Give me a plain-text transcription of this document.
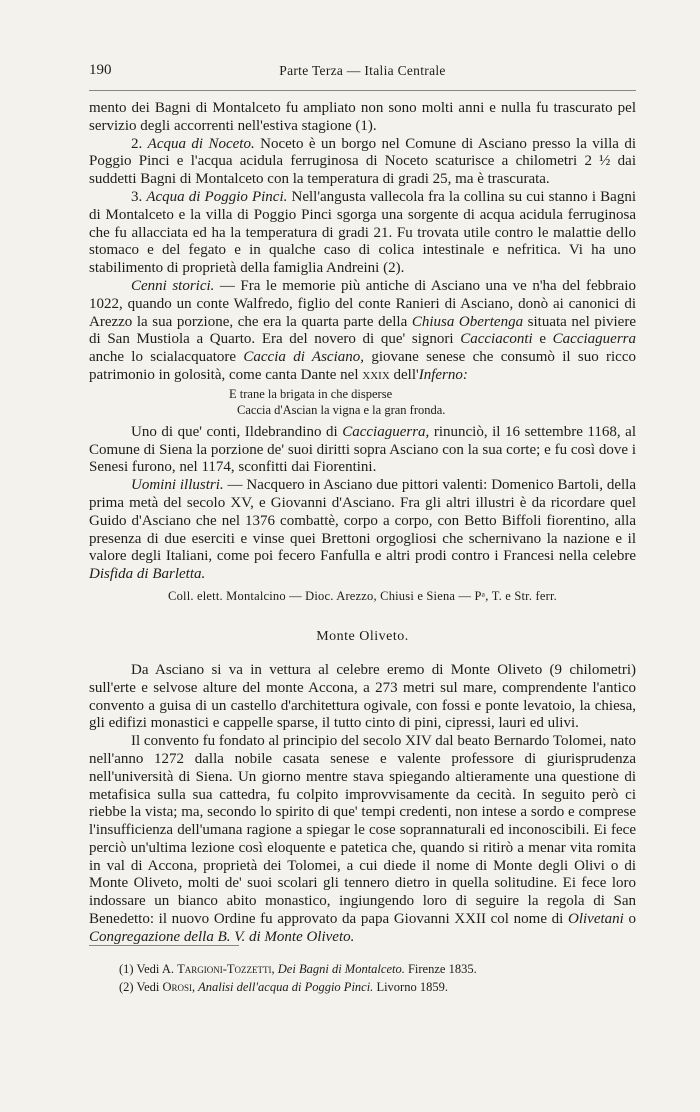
190	Parte Terza — Italia Centrale

mento dei Bagni di Montalceto fu ampliato non sono molti anni e nulla fu trascurato pel servizio degli accorrenti nell'estiva stagione (1).

2. Acqua di Noceto. Noceto è un borgo nel Comune di Asciano presso la villa di Poggio Pinci e l'acqua acidula ferruginosa di Noceto scaturisce a chilometri 2 ½ dai suddetti Bagni di Montalceto con la temperatura di gradi 25, ma è trascurata.

3. Acqua di Poggio Pinci. Nell'angusta vallecola fra la collina su cui stanno i Bagni di Montalceto e la villa di Poggio Pinci sgorga una sorgente di acqua acidula ferruginosa che fu allacciata ed ha la temperatura di gradi 21. Fu trovata utile contro le malattie dello stomaco e del fegato e in qualche caso di colica intestinale e nefritica. Vi ha uno stabilimento di proprietà della famiglia Andreini (2).

Cenni storici. — Fra le memorie più antiche di Asciano una ve n'ha del febbraio 1022, quando un conte Walfredo, figlio del conte Ranieri di Asciano, donò ai canonici di Arezzo la sua porzione, che era la quarta parte della Chiusa Obertenga situata nel piviere di San Mustiola a Quarto. Era del novero di que' signori Cacciaconti e Cacciaguerra anche lo scialacquatore Caccia di Asciano, giovane senese che consumò il suo ricco patrimonio in golosità, come canta Dante nel xxix dell'Inferno:

E trane la brigata in che disperse
Caccia d'Ascian la vigna e la gran fronda.

Uno di que' conti, Ildebrandino di Cacciaguerra, rinunciò, il 16 settembre 1168, al Comune di Siena la porzione de' suoi diritti sopra Asciano con la sua corte; e fu così dove i Senesi furono, nel 1174, sconfitti dai Fiorentini.

Uomini illustri. — Nacquero in Asciano due pittori valenti: Domenico Bartoli, della prima metà del secolo XV, e Giovanni d'Asciano. Fra gli altri illustri è da ricordare quel Guido d'Asciano che nel 1376 combattè, corpo a corpo, con Betto Biffoli fiorentino, alla presenza di due eserciti e vinse quei Brettoni orgogliosi che schernivano la nazione e il valore degli Italiani, come poi fecero Fanfulla e altri prodi contro i Francesi nella celebre Disfida di Barletta.

Coll. elett. Montalcino — Dioc. Arezzo, Chiusi e Siena — Pᵃ, T. e Str. ferr.
Monte Oliveto.

Da Asciano si va in vettura al celebre eremo di Monte Oliveto (9 chilometri) sull'erte e selvose alture del monte Accona, a 273 metri sul mare, comprendente l'antico convento a guisa di un castello d'architettura ogivale, con fossi e ponte levatoio, la chiesa, gli edifizi monastici e cappelle sparse, il tutto cinto di pini, cipressi, lauri ed ulivi.

Il convento fu fondato al principio del secolo XIV dal beato Bernardo Tolomei, nato nell'anno 1272 dalla nobile casata senese e valente professore di giurisprudenza nell'università di Siena. Un giorno mentre stava spiegando altieramente una questione di metafisica sulla sua cattedra, fu colpito improvvisamente da cecità. In seguito però ci riebbe la vista; ma, secondo lo spirito di que' tempi credenti, non intese a sordo e comprese l'insufficienza dell'umana ragione a spiegar le cose soprannaturali ed inconoscibili. Ei fece perciò un'ultima lezione così eloquente e patetica che, quando si ritirò a menar vita romita in val di Accona, proprietà dei Tolomei, a cui diede il nome di Monte degli Olivi o di Monte Oliveto, molti de' suoi scolari gli tennero dietro in quella solitudine. Ei fece loro indossare un bianco abito monastico, ingiungendo loro di seguire la regola di San Benedetto: il nuovo Ordine fu approvato da papa Giovanni XXII col nome di Olivetani o Congregazione della B. V. di Monte Oliveto.

(1) Vedi A. Targioni-Tozzetti, Dei Bagni di Montalceto. Firenze 1835.
(2) Vedi Orosi, Analisi dell'acqua di Poggio Pinci. Livorno 1859.
